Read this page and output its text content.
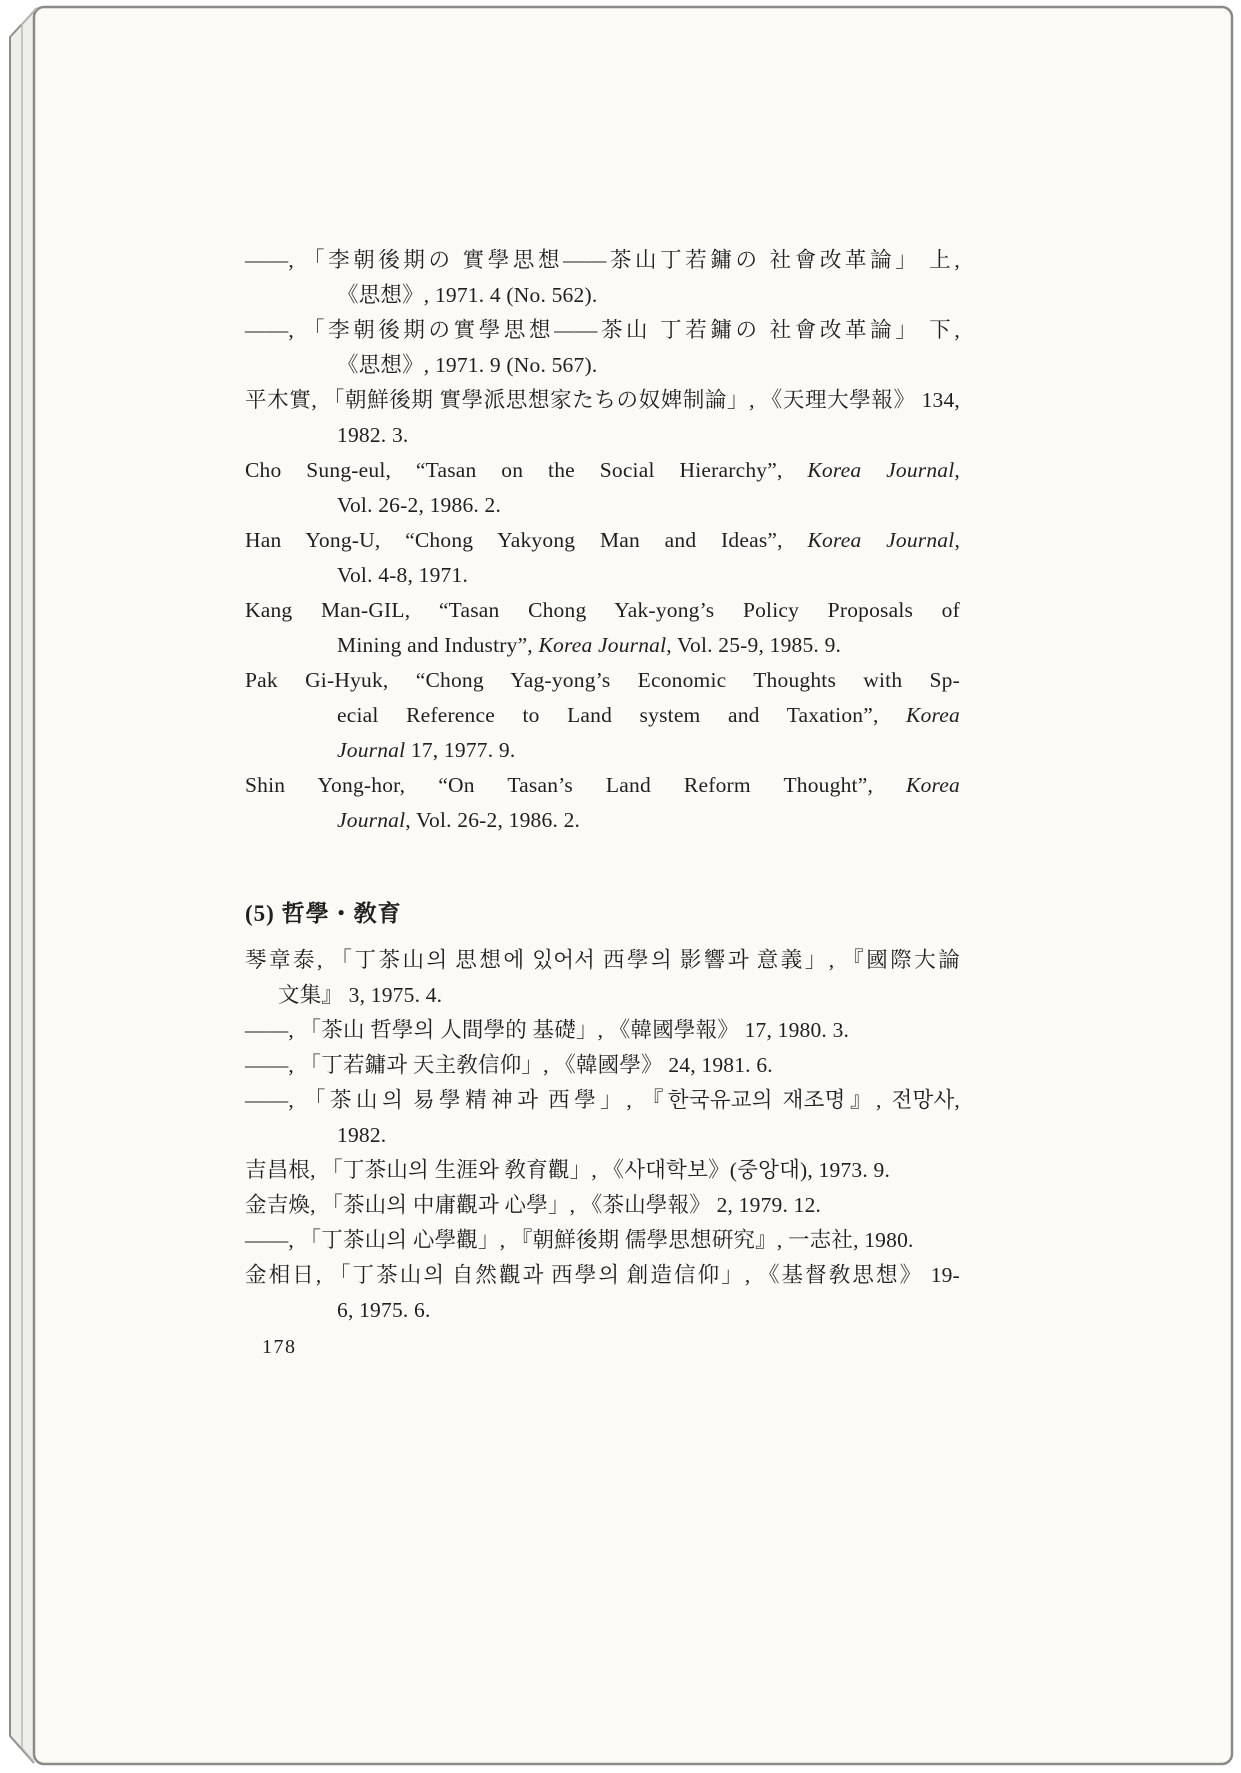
——, 「李朝後期の 實學思想——茶山丁若鏞の 社會改革論」 上,
《思想》, 1971. 4 (No. 562).
——, 「李朝後期の實學思想——茶山 丁若鏞の 社會改革論」 下,
《思想》, 1971. 9 (No. 567).
平木實, 「朝鮮後期 實學派思想家たちの奴婢制論」, 《天理大學報》 134,
1982. 3.
Cho Sung-eul, “Tasan on the Social Hierarchy”, Korea Journal,
Vol. 26-2, 1986. 2.
Han Yong-U, “Chong Yakyong Man and Ideas”, Korea Journal,
Vol. 4-8, 1971.
Kang Man-GIL, “Tasan Chong Yak-yong’s Policy Proposals of
Mining and Industry”, Korea Journal, Vol. 25-9, 1985. 9.
Pak Gi-Hyuk, “Chong Yag-yong’s Economic Thoughts with Sp-
ecial Reference to Land system and Taxation”, Korea
Journal 17, 1977. 9.
Shin Yong-hor, “On Tasan’s Land Reform Thought”, Korea
Journal, Vol. 26-2, 1986. 2.
(5) 哲學・敎育
琴章泰, 「丁茶山의 思想에 있어서 西學의 影響과 意義」, 『國際大論
文集』 3, 1975. 4.
——, 「茶山 哲學의 人間學的 基礎」, 《韓國學報》 17, 1980. 3.
——, 「丁若鏞과 天主敎信仰」, 《韓國學》 24, 1981. 6.
——, 「茶山의 易學精神과 西學」, 『한국유교의 재조명』, 전망사,
1982.
吉昌根, 「丁茶山의 生涯와 敎育觀」, 《사대학보》(중앙대), 1973. 9.
金吉煥, 「茶山의 中庸觀과 心學」, 《茶山學報》 2, 1979. 12.
——, 「丁茶山의 心學觀」, 『朝鮮後期 儒學思想硏究』, 一志社, 1980.
金相日, 「丁茶山의 自然觀과 西學의 創造信仰」, 《基督敎思想》 19-
6, 1975. 6.
178
